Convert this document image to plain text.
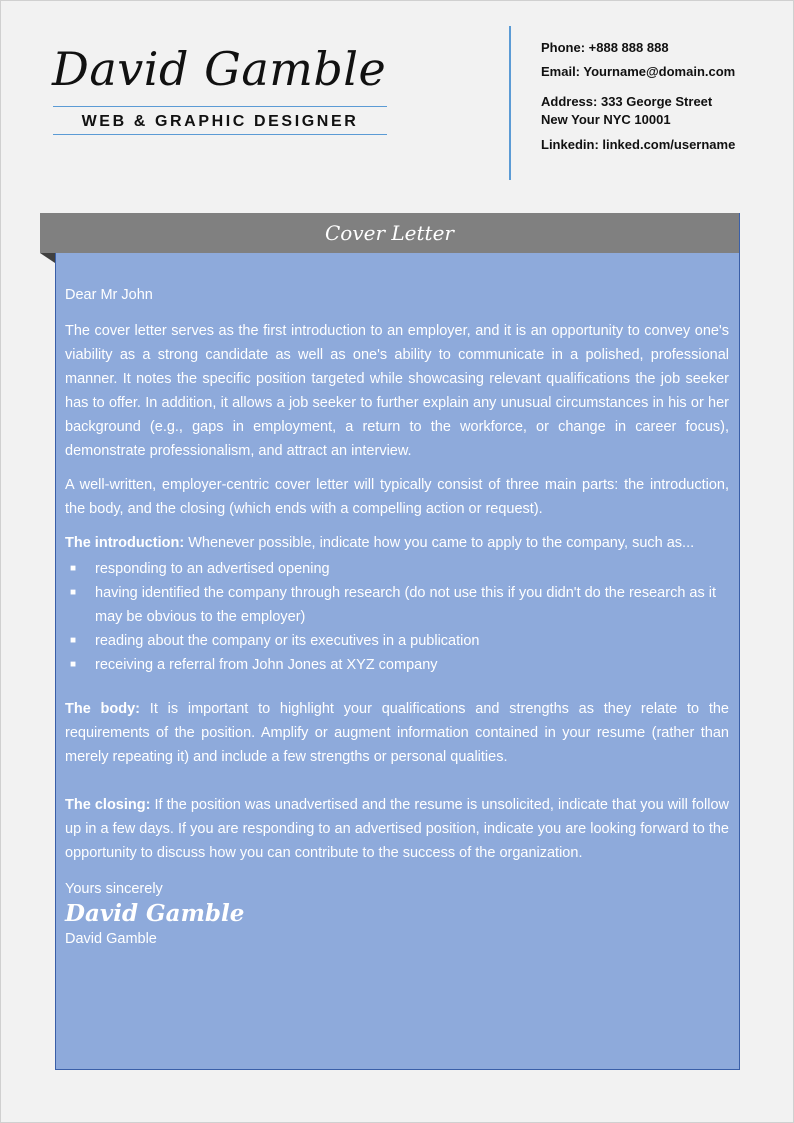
David Gamble
WEB & GRAPHIC DESIGNER
Phone: +888 888 888
Email: Yourname@domain.com
Address: 333 George Street
New Your NYC 10001
Linkedin: linked.com/username
Cover Letter

Dear Mr John

The cover letter serves as the first introduction to an employer, and it is an opportunity to convey one's viability as a strong candidate as well as one's ability to communicate in a polished, professional manner. It notes the specific position targeted while showcasing relevant qualifications the job seeker has to offer. In addition, it allows a job seeker to further explain any unusual circumstances in his or her background (e.g., gaps in employment, a return to the workforce, or change in career focus), demonstrate professionalism, and attract an interview.

A well-written, employer-centric cover letter will typically consist of three main parts: the introduction, the body, and the closing (which ends with a compelling action or request).

The introduction: Whenever possible, indicate how you came to apply to the company, such as...

■ responding to an advertised opening
■ having identified the company through research (do not use this if you didn't do the research as it may be obvious to the employer)
■ reading about the company or its executives in a publication
■ receiving a referral from John Jones at XYZ company

The body: It is important to highlight your qualifications and strengths as they relate to the requirements of the position. Amplify or augment information contained in your resume (rather than merely repeating it) and include a few strengths or personal qualities.

The closing: If the position was unadvertised and the resume is unsolicited, indicate that you will follow up in a few days. If you are responding to an advertised position, indicate you are looking forward to the opportunity to discuss how you can contribute to the success of the organization.

Yours sincerely
David Gamble
David Gamble
